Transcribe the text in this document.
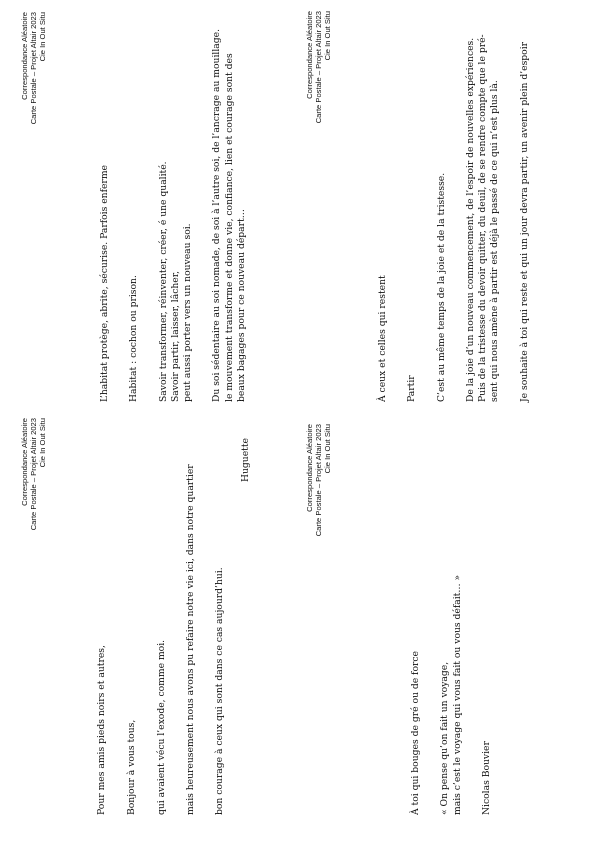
Correspondance Aléatoire Carte Postale – Projet Altair 2023 Cie In Out Situ
Correspondance Aléatoire Carte Postale – Projet Altair 2023 Cie In Out Situ
Correspondance Aléatoire Carte Postale – Projet Altair 2023 Cie In Out Situ
Correspondance Aléatoire Carte Postale – Projet Altair 2023 Cie In Out Situ

Pour mes amis pieds noirs et autres, Bonjour à vous tous, qui avaient vécu l’exode, comme moi. mais heureusement nous avons pu refaire notre vie ici, dans notre quartier bon courage à ceux qui sont dans ce cas aujourd’hui.

Huguette

L’habitat protège, abrite, sécurise. Parfois enferme Habitat : cochon ou prison. Savoir transformer, réinventer, créer, é une qualité. Savoir partir, laisser, lâcher, peut aussi porter vers un nouveau soi. Du soi sédentaire au soi nomade, de soi à l’autre soi, de l’ancrage au mouillage. le mouvement transforme et donne vie, confiance, lien et courage sont des beaux bagages pour ce nouveau départ…

À toi qui bouges de gré ou de force « On pense qu’on fait un voyage, mais c’est le voyage qui vous fait ou vous défait… » Nicolas Bouvier

À ceux et celles qui restent Partir C’est au même temps de la joie et de la tristesse. De la joie d’un nouveau commencement, de l’espoir de nouvelles expériences. Puis de la tristesse du devoir quitter, du deuil, de se rendre compte que le pré- sent qui nous amène à partir est déjà le passé de ce qui n’est plus là. Je souhaite à toi qui reste et qui un jour devra partir, un avenir plein d’espoir
